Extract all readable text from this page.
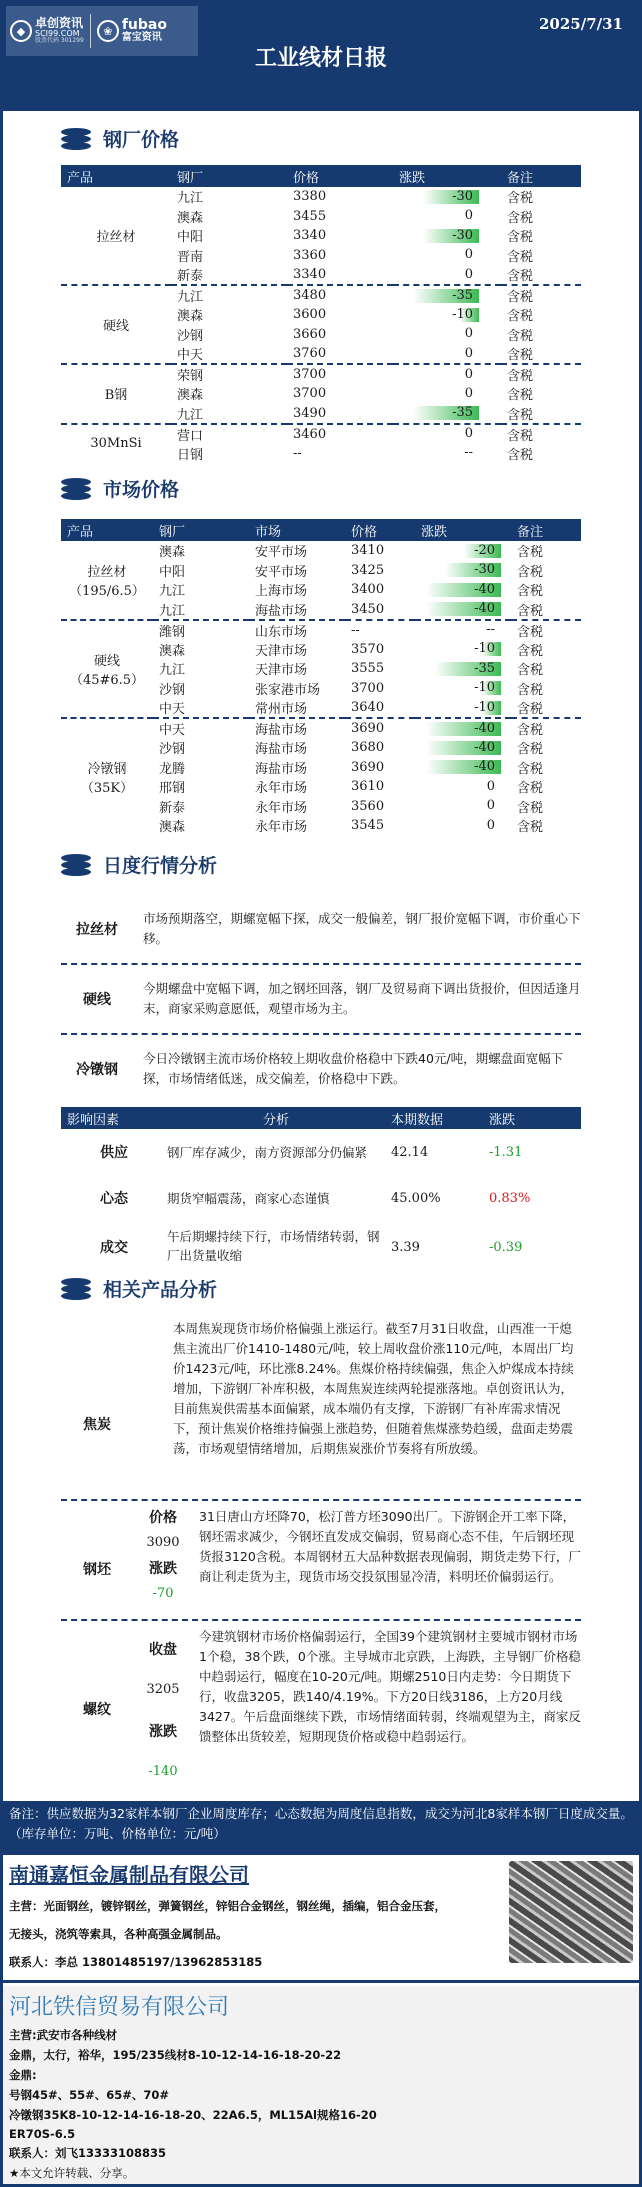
◆
卓创资讯
SCI99.COM
股票代码 301299
❀ fubao
富宝资讯
2025/7/31
工业线材日报
钢厂价格
产品	钢厂	价格	涨跌	备注
拉丝材	九江	3380	-30	含税
	澳森	3455	0	含税
	中阳	3340	-30	含税
	晋南	3360	0	含税
	新泰	3340	0	含税
硬线	九江	3480	-35	含税
	澳森	3600	-10	含税
	沙钢	3660	0	含税
	中天	3760	0	含税
B钢	荣钢	3700	0	含税
	澳森	3700	0	含税
	九江	3490	-35	含税
30MnSi	营口	3460	0	含税
	日钢	--	--	含税
市场价格
产品	钢厂	市场	价格	涨跌	备注

拉丝材
（195/6.5）	澳森	安平市场	3410	-20	含税
	中阳	安平市场	3425	-30	含税
	九江	上海市场	3400	-40	含税
	九江	海盐市场	3450	-40	含税

硬线
（45#6.5）	潍钢	山东市场	--	--	含税
	澳森	天津市场	3570	-10	含税
	九江	天津市场	3555	-35	含税
	沙钢	张家港市场	3700	-10	含税
	中天	常州市场	3640	-10	含税

冷镦钢
（35K）	中天	海盐市场	3690	-40	含税
	沙钢	海盐市场	3680	-40	含税
	龙腾	海盐市场	3690	-40	含税
	邢钢	永年市场	3610	0	含税
	新泰	永年市场	3560	0	含税
	澳森	永年市场	3545	0	含税
日度行情分析
拉丝材
市场预期落空，期螺宽幅下探，成交一般偏差，钢厂报价宽幅下调，市价重心下移。
硬线
今期螺盘中宽幅下调，加之钢坯回落，钢厂及贸易商下调出货报价，但因适逢月末，商家采购意愿低，观望市场为主。
冷镦钢
今日冷镦钢主流市场价格较上期收盘价格稳中下跌40元/吨，期螺盘面宽幅下探，市场情绪低迷，成交偏差，价格稳中下跌。
影响因素	分析	本期数据	涨跌
供应	钢厂库存减少，南方资源部分仍偏紧	42.14	-1.31
心态	期货窄幅震荡，商家心态谨慎	45.00%	0.83%
成交	午后期螺持续下行，市场情绪转弱，钢厂出货量收缩	3.39	-0.39
相关产品分析
焦炭
本周焦炭现货市场价格偏强上涨运行。截至7月31日收盘，山西准一干熄焦主流出厂价1410-1480元/吨，较上周收盘价涨110元/吨，本周出厂均价1423元/吨，环比涨8.24%。焦煤价格持续偏强，焦企入炉煤成本持续增加，下游钢厂补库积极，本周焦炭连续两轮提涨落地。卓创资讯认为，目前焦炭供需基本面偏紧，成本端仍有支撑，下游钢厂有补库需求情况下，预计焦炭价格维持偏强上涨趋势，但随着焦煤涨势趋缓，盘面走势震荡，市场观望情绪增加，后期焦炭涨价节奏将有所放缓。
钢坯
价格
3090
涨跌
-70
31日唐山方坯降70，松汀普方坯3090出厂。下游钢企开工率下降，钢坯需求减少，今钢坯直发成交偏弱，贸易商心态不佳，午后钢坯现货报3120含税。本周钢材五大品种数据表现偏弱，期货走势下行，厂商让利走货为主，现货市场交投氛围显冷清，料明坯价偏弱运行。
螺纹
收盘
3205
涨跌
-140
今建筑钢材市场价格偏弱运行，全国39个建筑钢材主要城市钢材市场1个稳，38个跌，0个涨。主导城市北京跌，上海跌，主导钢厂价格稳中趋弱运行，幅度在10-20元/吨。期螺2510日内走势：今日期货下行，收盘3205，跌140/4.19%。下方20日线3186，上方20月线3427。午后盘面继续下跌，市场情绪面转弱，终端观望为主，商家反馈整体出货较差，短期现货价格或稳中趋弱运行。
备注：供应数据为32家样本钢厂企业周度库存；心态数据为周度信息指数，成交为河北8家样本钢厂日度成交量。（库存单位：万吨、价格单位：元/吨）
南通嘉恒金属制品有限公司
主营：光面钢丝，镀锌钢丝，弹簧钢丝，锌铝合金钢丝，钢丝绳，插编，铝合金压套，
无接头，浇筑等索具，各种高强金属制品。
联系人：李总 13801485197/13962853185
河北铁信贸易有限公司
主营:武安市各种线材
金鼎，太行，裕华，195/235线材8-10-12-14-16-18-20-22
金鼎:
号钢45#、55#、65#、70#
冷镦钢35K8-10-12-14-16-18-20、22A6.5，ML15Al规格16-20
ER70S-6.5
联系人：刘飞13333108835
★本文允许转载、分享。
